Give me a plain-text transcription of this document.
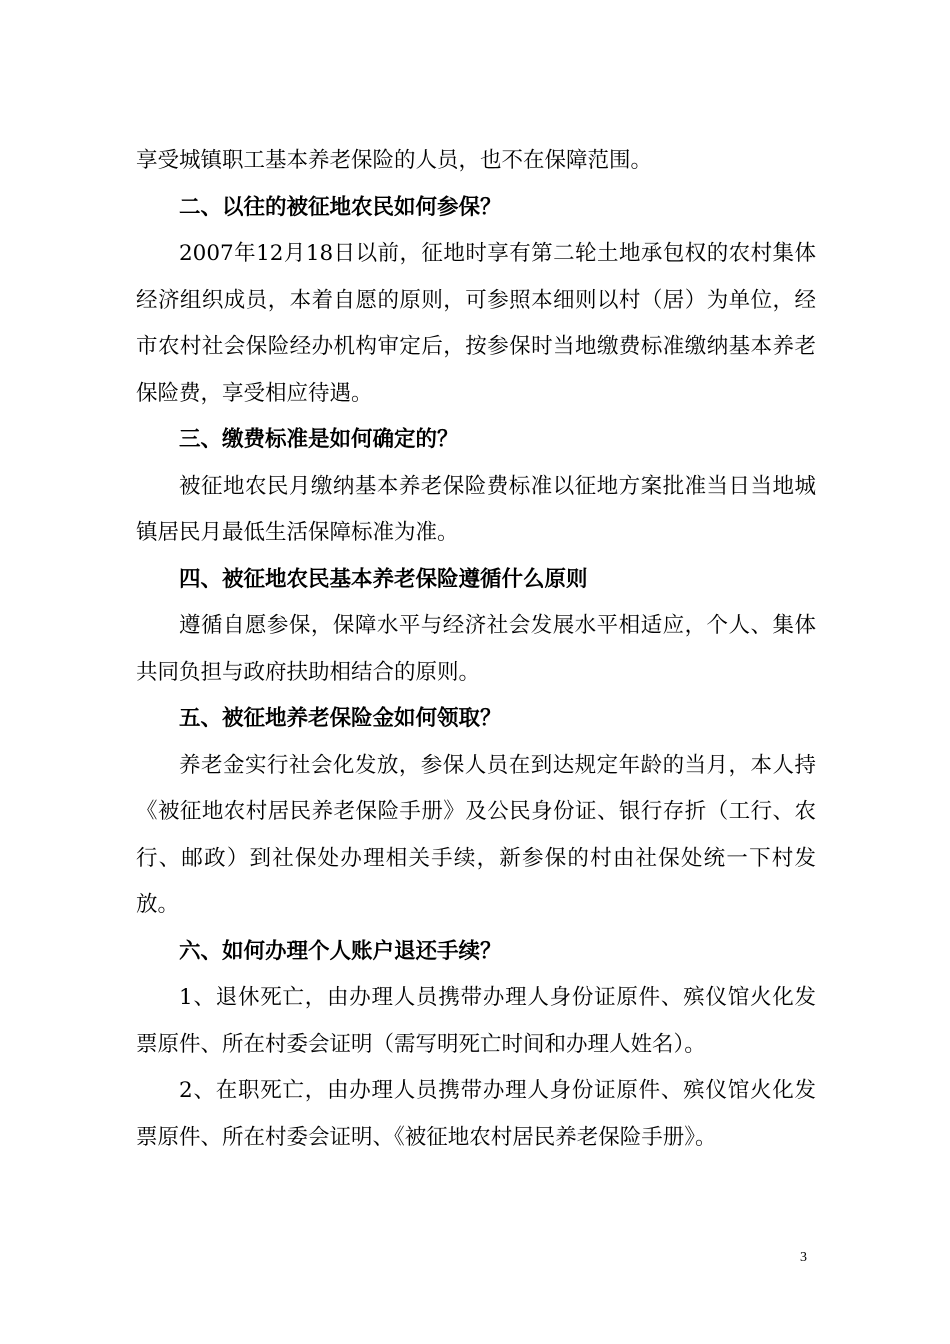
享受城镇职工基本养老保险的人员，也不在保障范围。

二、以往的被征地农民如何参保？

2007年12月18日以前，征地时享有第二轮土地承包权的农村集体经济组织成员，本着自愿的原则，可参照本细则以村（居）为单位，经市农村社会保险经办机构审定后，按参保时当地缴费标准缴纳基本养老保险费，享受相应待遇。

三、缴费标准是如何确定的？

被征地农民月缴纳基本养老保险费标准以征地方案批准当日当地城镇居民月最低生活保障标准为准。

四、被征地农民基本养老保险遵循什么原则

遵循自愿参保，保障水平与经济社会发展水平相适应，个人、集体共同负担与政府扶助相结合的原则。

五、被征地养老保险金如何领取？

养老金实行社会化发放，参保人员在到达规定年龄的当月，本人持《被征地农村居民养老保险手册》及公民身份证、银行存折（工行、农行、邮政）到社保处办理相关手续，新参保的村由社保处统一下村发放。

六、如何办理个人账户退还手续？

1、退休死亡，由办理人员携带办理人身份证原件、殡仪馆火化发票原件、所在村委会证明（需写明死亡时间和办理人姓名）。

2、在职死亡，由办理人员携带办理人身份证原件、殡仪馆火化发票原件、所在村委会证明、《被征地农村居民养老保险手册》。

3
